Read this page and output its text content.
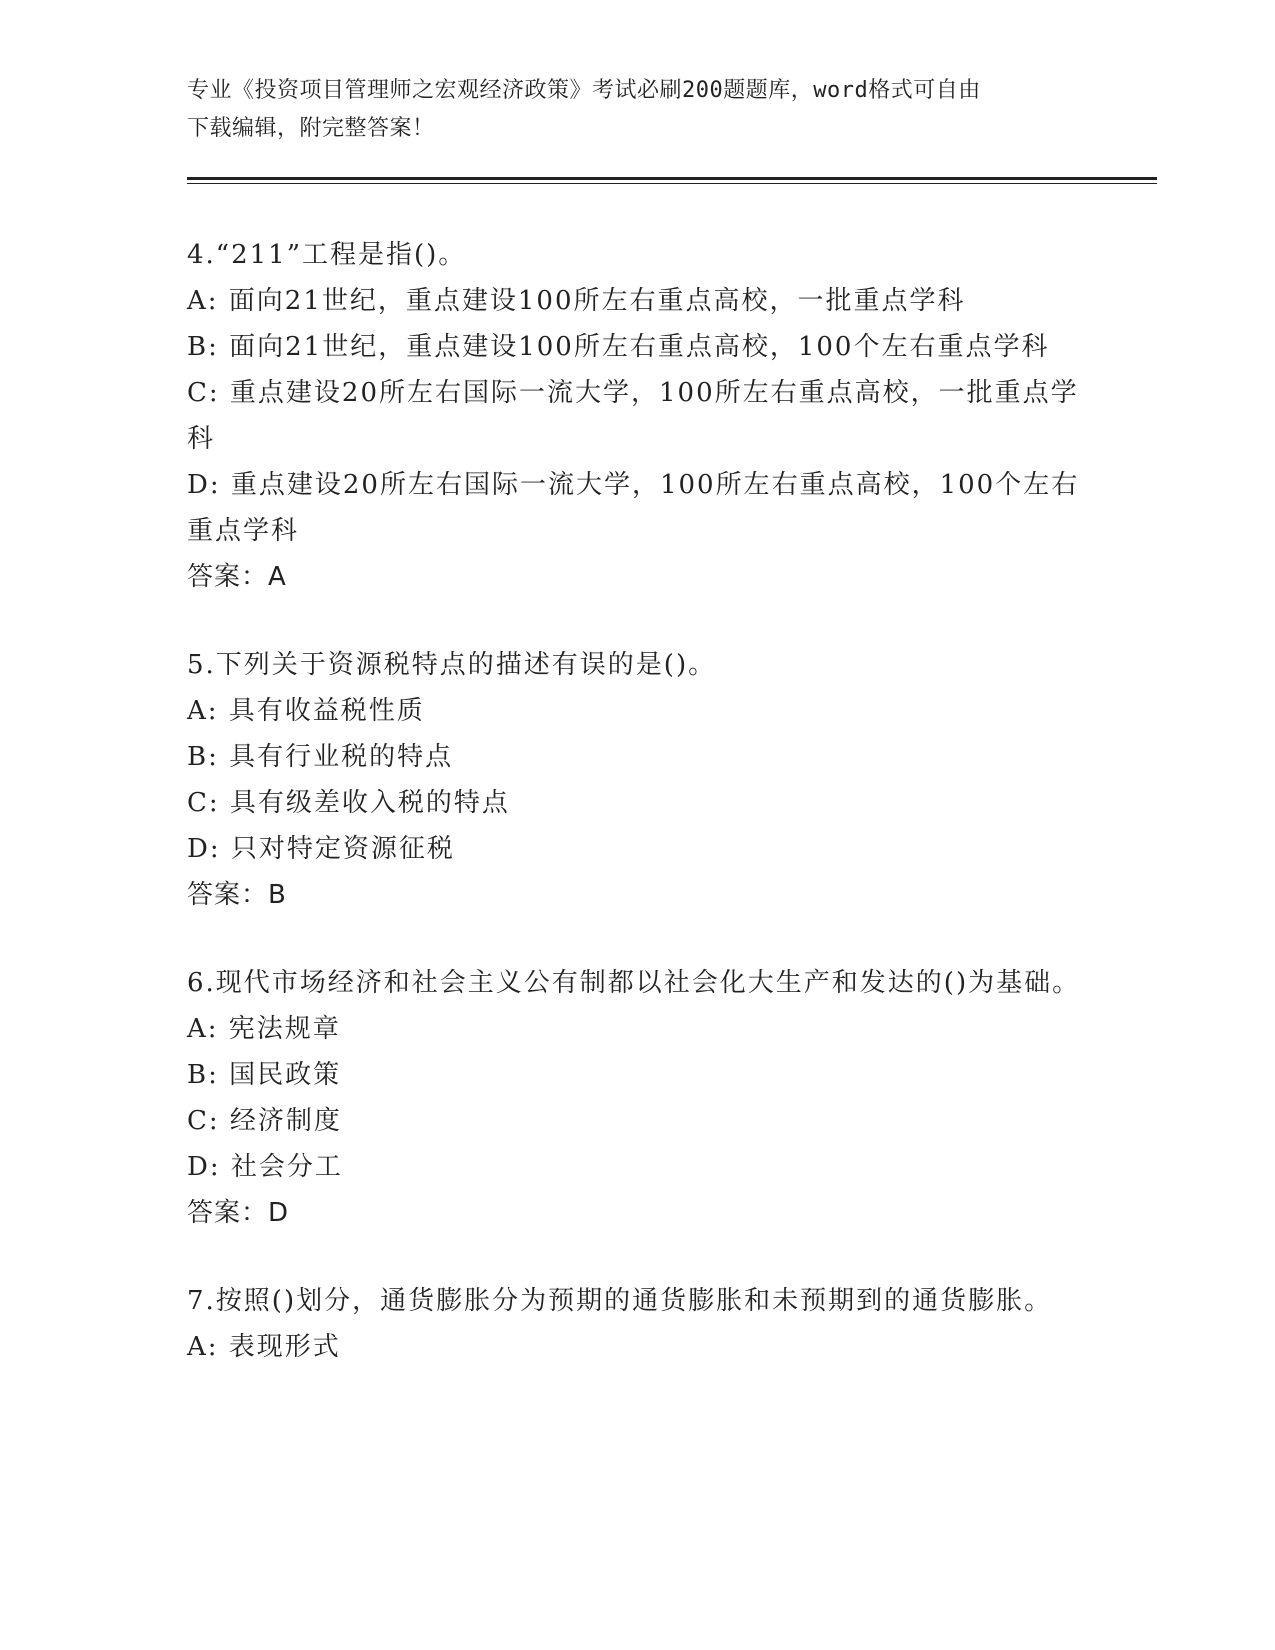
专业《投资项目管理师之宏观经济政策》考试必刷200题题库，word格式可自由
下载编辑，附完整答案！

4.“211”工程是指()。

A: 面向21世纪，重点建设100所左右重点高校，一批重点学科

B: 面向21世纪，重点建设100所左右重点高校，100个左右重点学科

C: 重点建设20所左右国际一流大学，100所左右重点高校，一批重点学科

D: 重点建设20所左右国际一流大学，100所左右重点高校，100个左右重点学科

答案：A

5.下列关于资源税特点的描述有误的是()。

A: 具有收益税性质

B: 具有行业税的特点

C: 具有级差收入税的特点

D: 只对特定资源征税

答案：B

6.现代市场经济和社会主义公有制都以社会化大生产和发达的()为基础。

A: 宪法规章

B: 国民政策

C: 经济制度

D: 社会分工

答案：D

7.按照()划分，通货膨胀分为预期的通货膨胀和未预期到的通货膨胀。

A: 表现形式
